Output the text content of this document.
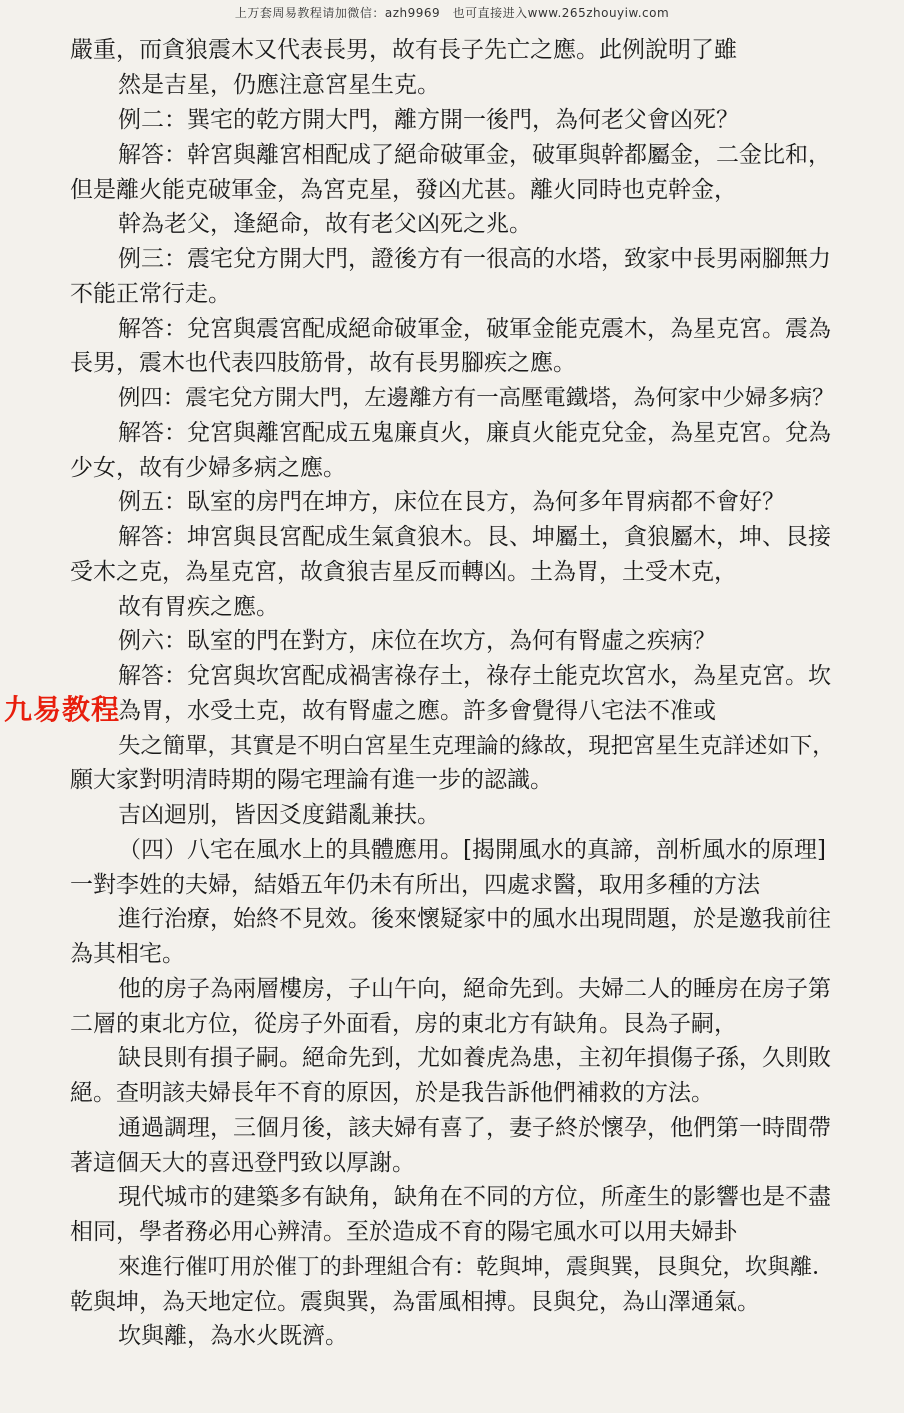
上万套周易教程请加微信：azh9969　也可直接进入www.265zhouyiw.com
嚴重，而貪狼震木又代表長男，故有長子先亡之應。此例說明了雖
然是吉星，仍應注意宮星生克。
例二：巽宅的乾方開大門，離方開一後門，為何老父會凶死？
解答：幹宮與離宮相配成了絕命破軍金，破軍與幹都屬金，二金比和，
但是離火能克破軍金，為宮克星，發凶尤甚。離火同時也克幹金，
幹為老父，逢絕命，故有老父凶死之兆。
例三：震宅兌方開大門，證後方有一很高的水塔，致家中長男兩腳無力
不能正常行走。
解答：兌宮與震宮配成絕命破軍金，破軍金能克震木，為星克宮。震為
長男，震木也代表四肢筋骨，故有長男腳疾之應。
例四：震宅兌方開大門，左邊離方有一高壓電鐵塔，為何家中少婦多病？
解答：兌宮與離宮配成五鬼廉貞火，廉貞火能克兌金，為星克宮。兌為
少女，故有少婦多病之應。
例五：臥室的房門在坤方，床位在艮方，為何多年胃病都不會好？
解答：坤宮與艮宮配成生氣貪狼木。艮、坤屬土，貪狼屬木，坤、艮接
受木之克，為星克宮，故貪狼吉星反而轉凶。土為胃，土受木克，
故有胃疾之應。
例六：臥室的門在對方，床位在坎方，為何有腎虛之疾病？
解答：兌宮與坎宮配成禍害祿存土，祿存土能克坎宮水，為星克宮。坎
為胃，水受土克，故有腎虛之應。許多會覺得八宅法不准或
失之簡單，其實是不明白宮星生克理論的緣故，現把宮星生克詳述如下，
願大家對明清時期的陽宅理論有進一步的認識。
吉凶迴別，皆因爻度錯亂兼扶。
（四）八宅在風水上的具體應用。[揭開風水的真諦，剖析風水的原理]
一對李姓的夫婦，結婚五年仍未有所出，四處求醫，取用多種的方法
進行治療，始終不見效。後來懷疑家中的風水出現問題，於是邀我前往
為其相宅。
他的房子為兩層樓房，子山午向，絕命先到。夫婦二人的睡房在房子第
二層的東北方位，從房子外面看，房的東北方有缺角。艮為子嗣，
缺艮則有損子嗣。絕命先到，尤如養虎為患，主初年損傷子孫，久則敗
絕。查明該夫婦長年不育的原因，於是我告訴他們補救的方法。
通過調理，三個月後，該夫婦有喜了，妻子終於懷孕，他們第一時間帶
著這個天大的喜迅登門致以厚謝。
現代城市的建築多有缺角，缺角在不同的方位，所產生的影響也是不盡
相同，學者務必用心辨清。至於造成不育的陽宅風水可以用夫婦卦
來進行催叮用於催丁的卦理組合有：乾與坤，震與巽，艮與兌，坎與離．
乾與坤，為天地定位。震與巽，為雷風相搏。艮與兌，為山澤通氣。
坎與離，為水火既濟。
九易教程
